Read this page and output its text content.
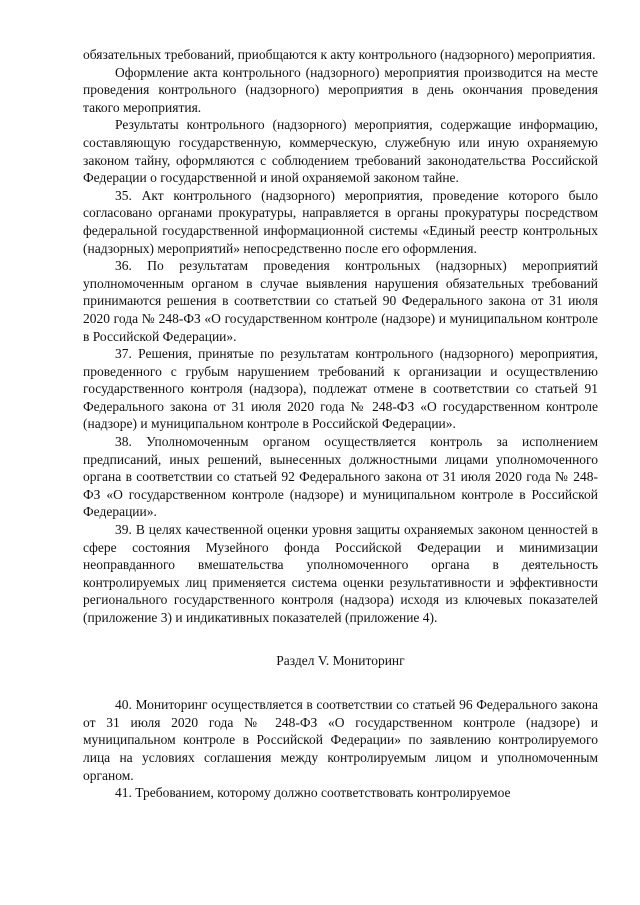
обязательных требований, приобщаются к акту контрольного (надзорного) мероприятия.

Оформление акта контрольного (надзорного) мероприятия производится на месте проведения контрольного (надзорного) мероприятия в день окончания проведения такого мероприятия.

Результаты контрольного (надзорного) мероприятия, содержащие информацию, составляющую государственную, коммерческую, служебную или иную охраняемую законом тайну, оформляются с соблюдением требований законодательства Российской Федерации о государственной и иной охраняемой законом тайне.

35. Акт контрольного (надзорного) мероприятия, проведение которого было согласовано органами прокуратуры, направляется в органы прокуратуры посредством федеральной государственной информационной системы «Единый реестр контрольных (надзорных) мероприятий» непосредственно после его оформления.

36. По результатам проведения контрольных (надзорных) мероприятий уполномоченным органом в случае выявления нарушения обязательных требований принимаются решения в соответствии со статьей 90 Федерального закона от 31 июля 2020 года № 248-ФЗ «О государственном контроле (надзоре) и муниципальном контроле в Российской Федерации».

37. Решения, принятые по результатам контрольного (надзорного) мероприятия, проведенного с грубым нарушением требований к организации и осуществлению государственного контроля (надзора), подлежат отмене в соответствии со статьей 91 Федерального закона от 31 июля 2020 года № 248-ФЗ «О государственном контроле (надзоре) и муниципальном контроле в Российской Федерации».

38. Уполномоченным органом осуществляется контроль за исполнением предписаний, иных решений, вынесенных должностными лицами уполномоченного органа в соответствии со статьей 92 Федерального закона от 31 июля 2020 года № 248-ФЗ «О государственном контроле (надзоре) и муниципальном контроле в Российской Федерации».

39. В целях качественной оценки уровня защиты охраняемых законом ценностей в сфере состояния Музейного фонда Российской Федерации и минимизации неоправданного вмешательства уполномоченного органа в деятельность контролируемых лиц применяется система оценки результативности и эффективности регионального государственного контроля (надзора) исходя из ключевых показателей (приложение 3) и индикативных показателей (приложение 4).

Раздел V. Мониторинг

40. Мониторинг осуществляется в соответствии со статьей 96 Федерального закона от 31 июля 2020 года № 248-ФЗ «О государственном контроле (надзоре) и муниципальном контроле в Российской Федерации» по заявлению контролируемого лица на условиях соглашения между контролируемым лицом и уполномоченным органом.

41. Требованием, которому должно соответствовать контролируемое
